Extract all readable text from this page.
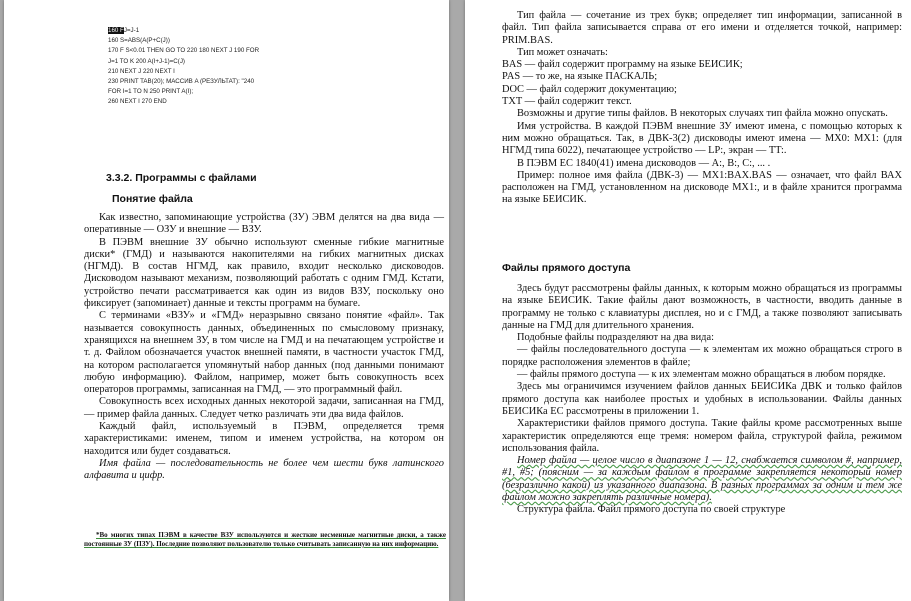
160 FJ=J-1
160 S=ABS(A(P+C(J))
170 F S<0.01 THEN GO TO 220 180 NEXT J 190 FOR
J=1 TO K 200 A(I+J-1)=C(J)
210 NEXT J 220 NEXT I
230 PRINT TAB(20); МАССИВ A (РЕЗУЛЬТАТ): "240
FOR I=1 TO N 250 PRINT A(I);
260 NEXT I 270 END
3.3.2. Программы с файлами
Понятие файла

Как известно, запоминающие устройства (ЗУ) ЭВМ делятся на два вида — оперативные — ОЗУ и внешние — ВЗУ.

В ПЭВМ внешние ЗУ обычно используют сменные гибкие магнитные диски* (ГМД) и называются накопителями на гибких магнитных дисках (НГМД). В состав НГМД, как правило, входит несколько дисководов. Дисководом называют механизм, позволяющий работать с одним ГМД. Кстати, устройство печати рассматривается как один из видов ВЗУ, поскольку оно фиксирует (запоминает) данные и тексты программ на бумаге.

С терминами «ВЗУ» и «ГМД» неразрывно связано понятие «файл». Так называется совокупность данных, объединенных по смысловому признаку, хранящихся на внешнем ЗУ, в том числе на ГМД и на печатающем устройстве и т. д. Файлом обозначается участок внешней памяти, в частности участок ГМД, на котором располагается упомянутый набор данных (под данными понимают любую информацию). Файлом, например, может быть совокупность всех операторов программы, записанная на ГМД, — это программный файл.

Совокупность всех исходных данных некоторой задачи, записанная на ГМД, — пример файла данных. Следует четко различать эти два вида файлов.

Каждый файл, используемый в ПЭВМ, определяется тремя характеристиками: именем, типом и именем устройства, на котором он находится или будет создаваться.

Имя файла — последовательность не более чем шести букв латинского алфавита и цифр.

*Во многих типах ПЭВМ в качестве ВЗУ используются и жесткие несменные магнитные диски, а также постоянные ЗУ (ПЗУ). Последние позволяют пользователю только считывать записанную на них информацию.

Тип файла — сочетание из трех букв; определяет тип информации, записанной в файл. Тип файла записывается справа от его имени и отделяется точкой, например: PRIM.BAS.

Тип может означать:

BAS — файл содержит программу на языке БЕИСИК;

PAS — то же, на языке ПАСКАЛЬ;

DOC — файл содержит документацию;

TXT — файл содержит текст.

Возможны и другие типы файлов. В некоторых случаях тип файла можно опускать.

Имя устройства. В каждой ПЭВМ внешние ЗУ имеют имена, с помощью которых к ним можно обращаться. Так, в ДВК-3(2) дисководы имеют имена — МХ0: МХ1: (для НГМД типа 6022), печатающее устройство — LP:, экран — TT:.

В ПЭВМ ЕС 1840(41) имена дисководов — A:, B:, C:, ... .

Пример: полное имя файла (ДВК-3) — MX1:BAX.BAS — означает, что файл ВАХ расположен на ГМД, установленном на дисководе МХ1:, и в файле хранится программа на языке БЕИСИК.

Файлы прямого доступа

Здесь будут рассмотрены файлы данных, к которым можно обращаться из программы на языке БЕИСИК. Такие файлы дают возможность, в частности, вводить данные в программу не только с клавиатуры дисплея, но и с ГМД, а также позволяют записывать данные на ГМД для длительного хранения.

Подобные файлы подразделяют на два вида:

— файлы последовательного доступа — к элементам их можно обращаться строго в порядке расположения элементов в файле;

— файлы прямого доступа — к их элементам можно обращаться в любом порядке.

Здесь мы ограничимся изучением файлов данных БЕИСИКа ДВК и только файлов прямого доступа как наиболее простых и удобных в использовании. Файлы данных БЕИСИКа ЕС рассмотрены в приложении 1.

Характеристики файлов прямого доступа. Такие файлы кроме рассмотренных выше характеристик определяются еще тремя: номером файла, структурой файла, режимом использования файла.

Номер файла — целое число в диапазоне 1 — 12, снабжается символом #, например, #1, #5; (поясним — за каждым файлом в программе закрепляется некоторый номер (безразлично какой) из указанного диапазона. В разных программах за одним и тем же файлом можно закреплять различные номера).

Структура файла. Файл прямого доступа по своей структуре
